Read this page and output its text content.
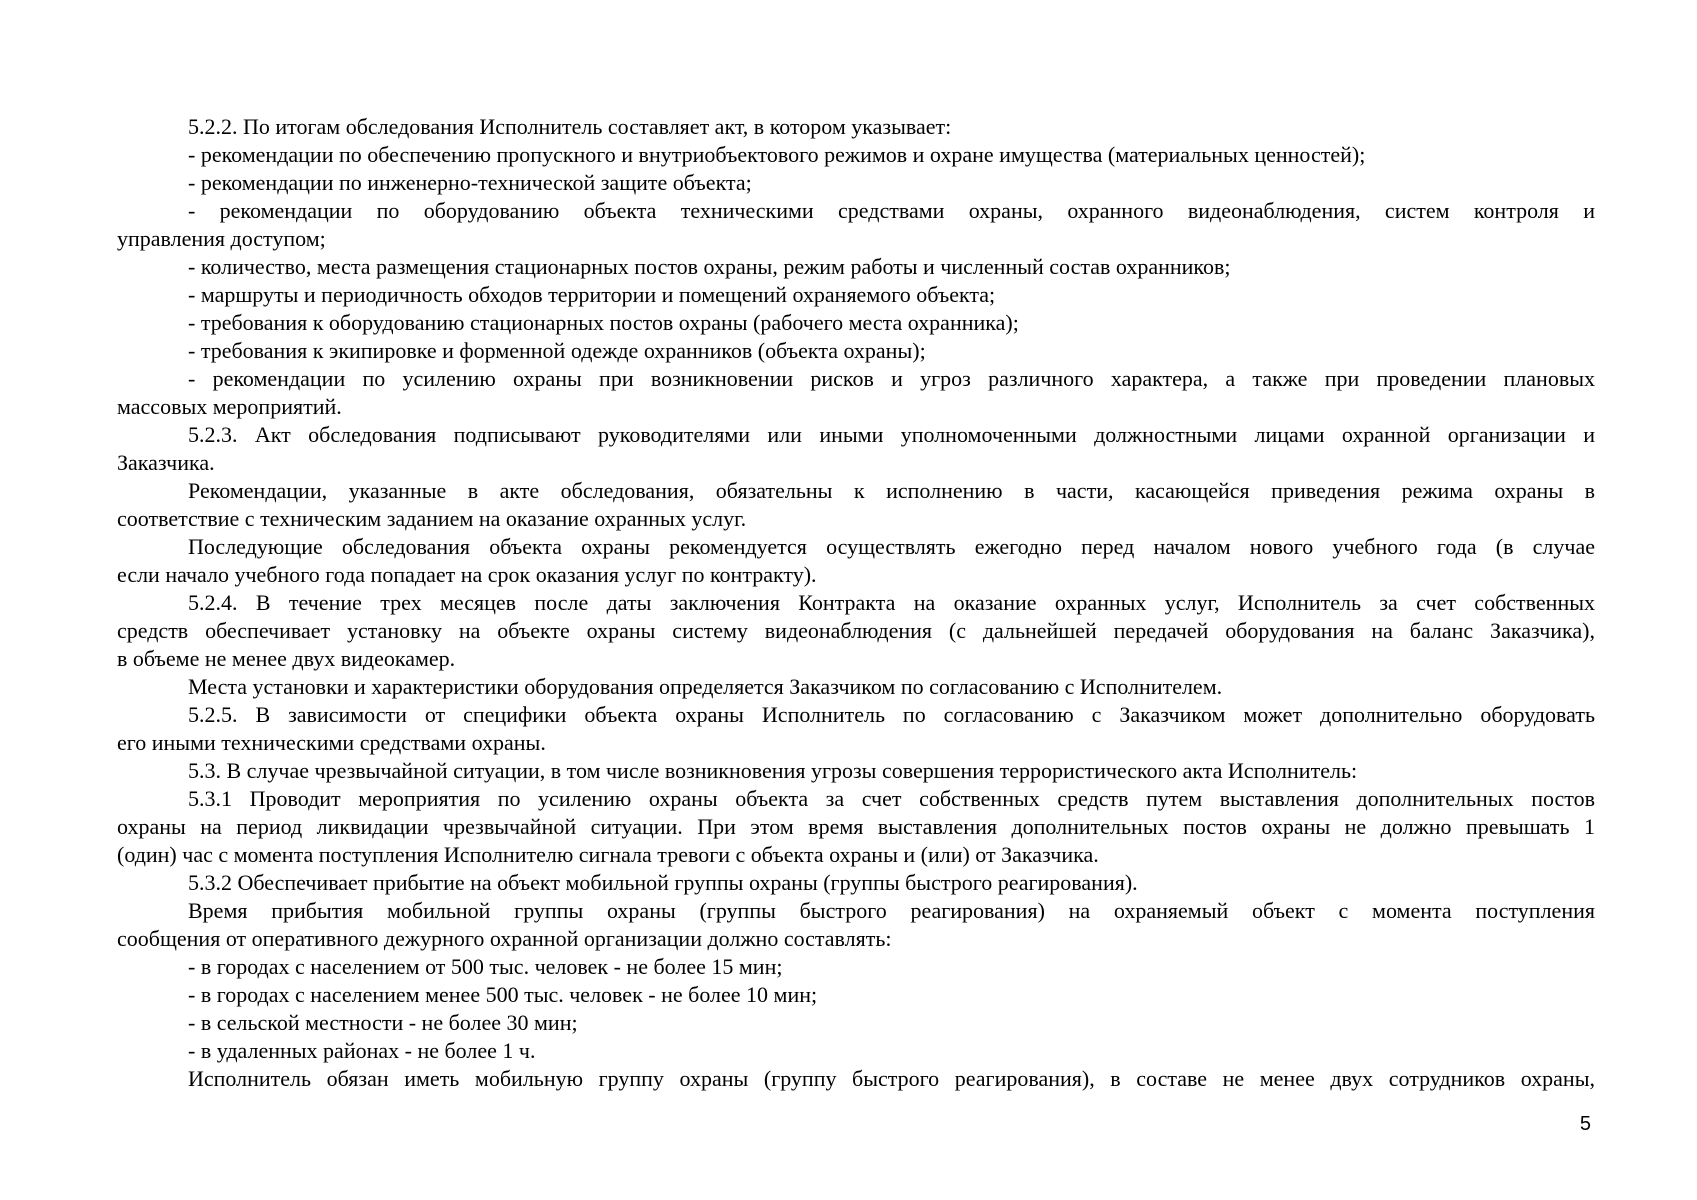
5.2.2. По итогам обследования Исполнитель составляет акт, в котором указывает:
- рекомендации по обеспечению пропускного и внутриобъектового режимов и охране имущества (материальных ценностей);
- рекомендации по инженерно-технической защите объекта;
- рекомендации по оборудованию объекта техническими средствами охраны, охранного видеонаблюдения, систем контроля и
управления доступом;
- количество, места размещения стационарных постов охраны, режим работы и численный состав охранников;
- маршруты и периодичность обходов территории и помещений охраняемого объекта;
- требования к оборудованию стационарных постов охраны (рабочего места охранника);
- требования к экипировке и форменной одежде охранников (объекта охраны);
- рекомендации по усилению охраны при возникновении рисков и угроз различного характера, а также при проведении плановых
массовых мероприятий.
5.2.3. Акт обследования подписывают руководителями или иными уполномоченными должностными лицами охранной организации и
Заказчика.
Рекомендации, указанные в акте обследования, обязательны к исполнению в части, касающейся приведения режима охраны в
соответствие с техническим заданием на оказание охранных услуг.
Последующие обследования объекта охраны рекомендуется осуществлять ежегодно перед началом нового учебного года (в случае
если начало учебного года попадает на срок оказания услуг по контракту).
5.2.4. В течение трех месяцев после даты заключения Контракта на оказание охранных услуг, Исполнитель за счет собственных
средств обеспечивает установку на объекте охраны систему видеонаблюдения (с дальнейшей передачей оборудования на баланс Заказчика),
в объеме не менее двух видеокамер.
Места установки и характеристики оборудования определяется Заказчиком по согласованию с Исполнителем.
5.2.5. В зависимости от специфики объекта охраны Исполнитель по согласованию с Заказчиком может дополнительно оборудовать
его иными техническими средствами охраны.
5.3. В случае чрезвычайной ситуации, в том числе возникновения угрозы совершения террористического акта Исполнитель:
5.3.1 Проводит мероприятия по усилению охраны объекта за счет собственных средств путем выставления дополнительных постов
охраны на период ликвидации чрезвычайной ситуации. При этом время выставления дополнительных постов охраны не должно превышать 1
(один) час с момента поступления Исполнителю сигнала тревоги с объекта охраны и (или) от Заказчика.
5.3.2 Обеспечивает прибытие на объект мобильной группы охраны (группы быстрого реагирования).
Время прибытия мобильной группы охраны (группы быстрого реагирования) на охраняемый объект с момента поступления
сообщения от оперативного дежурного охранной организации должно составлять:
- в городах с населением от 500 тыс. человек - не более 15 мин;
- в городах с населением менее 500 тыс. человек - не более 10 мин;
- в сельской местности - не более 30 мин;
- в удаленных районах - не более 1 ч.
Исполнитель обязан иметь мобильную группу охраны (группу быстрого реагирования), в составе не менее двух сотрудников охраны,
5
